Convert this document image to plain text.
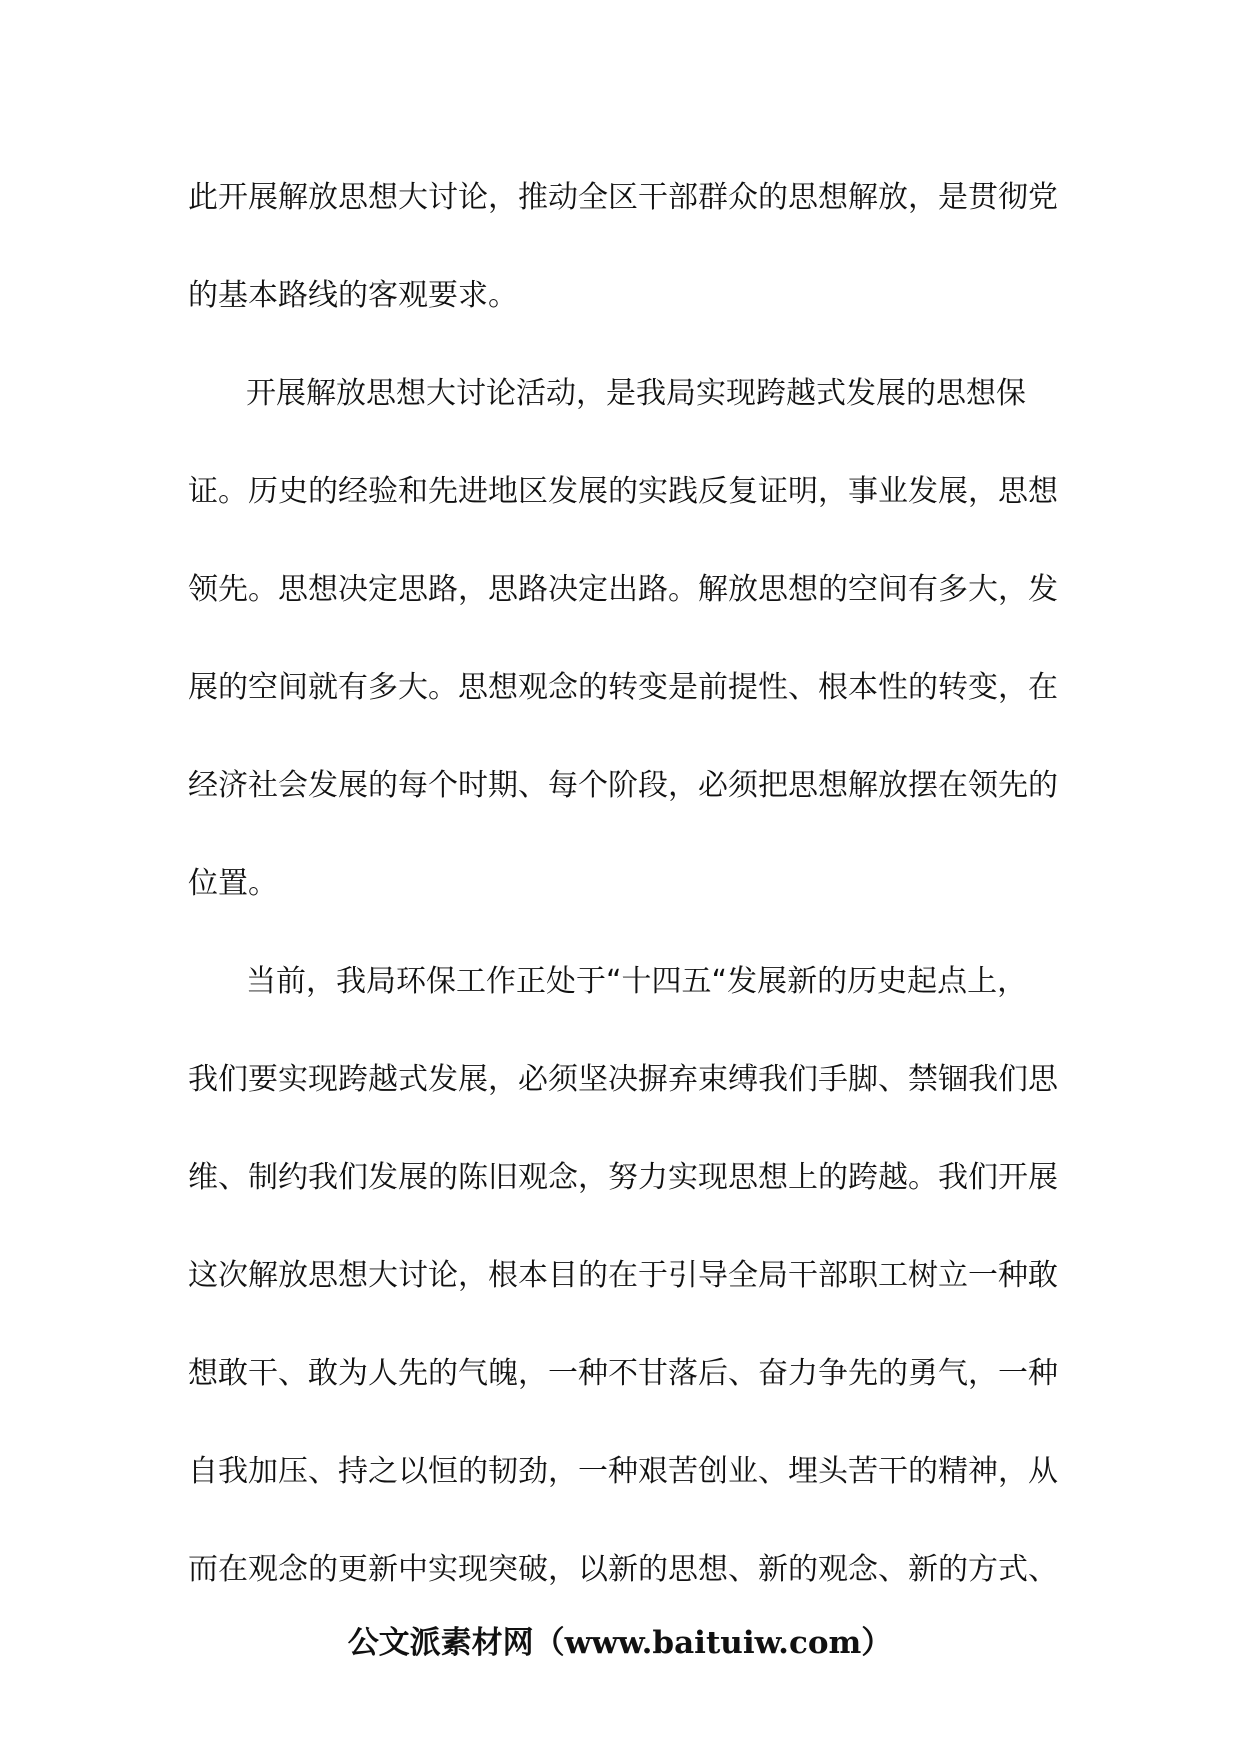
此开展解放思想大讨论，推动全区干部群众的思想解放，是贯彻党
的基本路线的客观要求。
开展解放思想大讨论活动，是我局实现跨越式发展的思想保
证。历史的经验和先进地区发展的实践反复证明，事业发展，思想
领先。思想决定思路，思路决定出路。解放思想的空间有多大，发
展的空间就有多大。思想观念的转变是前提性、根本性的转变，在
经济社会发展的每个时期、每个阶段，必须把思想解放摆在领先的
位置。
当前，我局环保工作正处于“十四五“发展新的历史起点上，
我们要实现跨越式发展，必须坚决摒弃束缚我们手脚、禁锢我们思
维、制约我们发展的陈旧观念，努力实现思想上的跨越。我们开展
这次解放思想大讨论，根本目的在于引导全局干部职工树立一种敢
想敢干、敢为人先的气魄，一种不甘落后、奋力争先的勇气，一种
自我加压、持之以恒的韧劲，一种艰苦创业、埋头苦干的精神，从
而在观念的更新中实现突破，以新的思想、新的观念、新的方式、
公文派素材网（www.baituiw.com）
